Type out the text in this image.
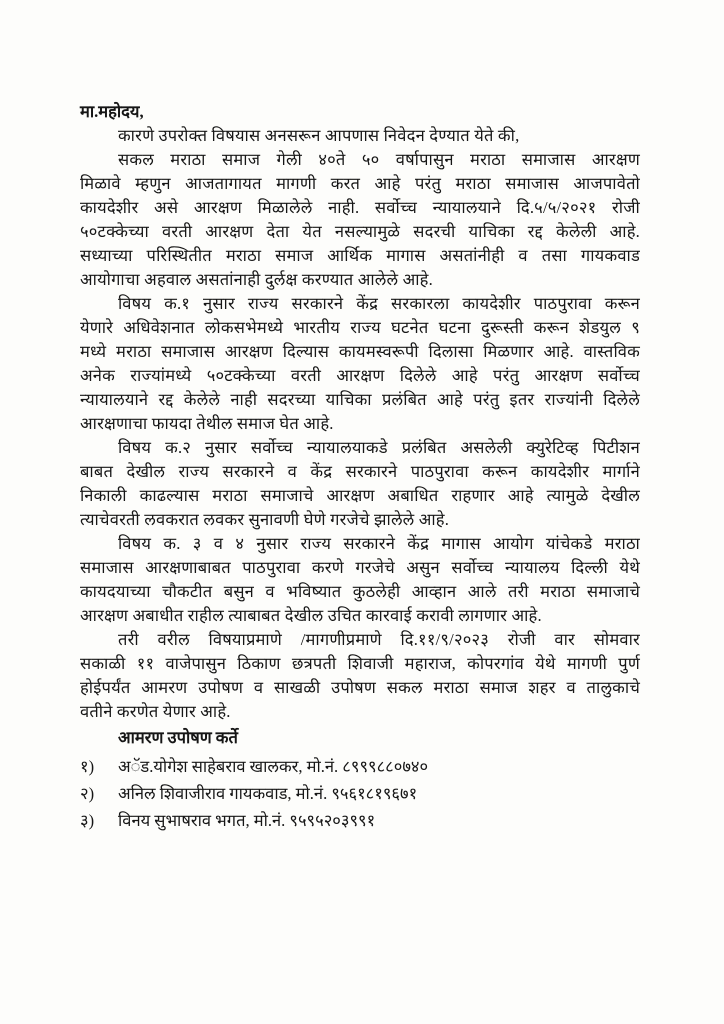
मा.महोदय,
कारणे उपरोक्त विषयास अनसरून आपणास निवेदन देण्यात येते की,
सकल मराठा समाज गेली ४०ते ५० वर्षापासुन मराठा समाजास आरक्षण
मिळावे म्हणुन आजतागायत मागणी करत आहे परंतु मराठा समाजास आजपावेतो
कायदेशीर असे आरक्षण मिळालेले नाही. सर्वोच्च न्यायालयाने दि.५/५/२०२१ रोजी
५०टक्केच्या वरती आरक्षण देता येत नसल्यामुळे सदरची याचिका रद्द केलेली आहे.
सध्याच्या परिस्थितीत मराठा समाज आर्थिक मागास असतांनीही व तसा गायकवाड
आयोगाचा अहवाल असतांनाही दुर्लक्ष करण्यात आलेले आहे.
विषय क.१ नुसार राज्य सरकारने केंद्र सरकारला कायदेशीर पाठपुरावा करून
येणारे अधिवेशनात लोकसभेमध्ये भारतीय राज्य घटनेत घटना दुरूस्ती करून शेडयुल ९
मध्ये मराठा समाजास आरक्षण दिल्यास कायमस्वरूपी दिलासा मिळणार आहे. वास्तविक
अनेक राज्यांमध्ये ५०टक्केच्या वरती आरक्षण दिलेले आहे परंतु आरक्षण सर्वोच्च
न्यायालयाने रद्द केलेले नाही सदरच्या याचिका प्रलंबित आहे परंतु इतर राज्यांनी दिलेले
आरक्षणाचा फायदा तेथील समाज घेत आहे.
विषय क.२ नुसार सर्वोच्च न्यायालयाकडे प्रलंबित असलेली क्युरेटिव्ह पिटीशन
बाबत देखील राज्य सरकारने व केंद्र सरकारने पाठपुरावा करून कायदेशीर मार्गाने
निकाली काढल्यास मराठा समाजाचे आरक्षण अबाधित राहणार आहे त्यामुळे देखील
त्याचेवरती लवकरात लवकर सुनावणी घेणे गरजेचे झालेले आहे.
विषय क. ३ व ४ नुसार राज्य सरकारने केंद्र मागास आयोग यांचेकडे मराठा
समाजास आरक्षणाबाबत पाठपुरावा करणे गरजेचे असुन सर्वोच्च न्यायालय दिल्ली येथे
कायदयाच्या चौकटीत बसुन व भविष्यात कुठलेही आव्हान आले तरी मराठा समाजाचे
आरक्षण अबाधीत राहील त्याबाबत देखील उचित कारवाई करावी लागणार आहे.
तरी वरील विषयाप्रमाणे /मागणीप्रमाणे दि.११/९/२०२३ रोजी वार सोमवार
सकाळी ११ वाजेपासुन ठिकाण छत्रपती शिवाजी महाराज, कोपरगांव येथे मागणी पुर्ण
होईपर्यंत आमरण उपोषण व साखळी उपोषण सकल मराठा समाज शहर व तालुकाचे
वतीने करणेत येणार आहे.
आमरण उपोषण कर्ते
१)	अॅड.योगेश साहेबराव खालकर, मो.नं. ८९९९८८०७४०
२)	अनिल शिवाजीराव गायकवाड, मो.नं. ९५६१८१९६७१
३)	विनय सुभाषराव भगत, मो.नं. ९५९५२०३९९१
